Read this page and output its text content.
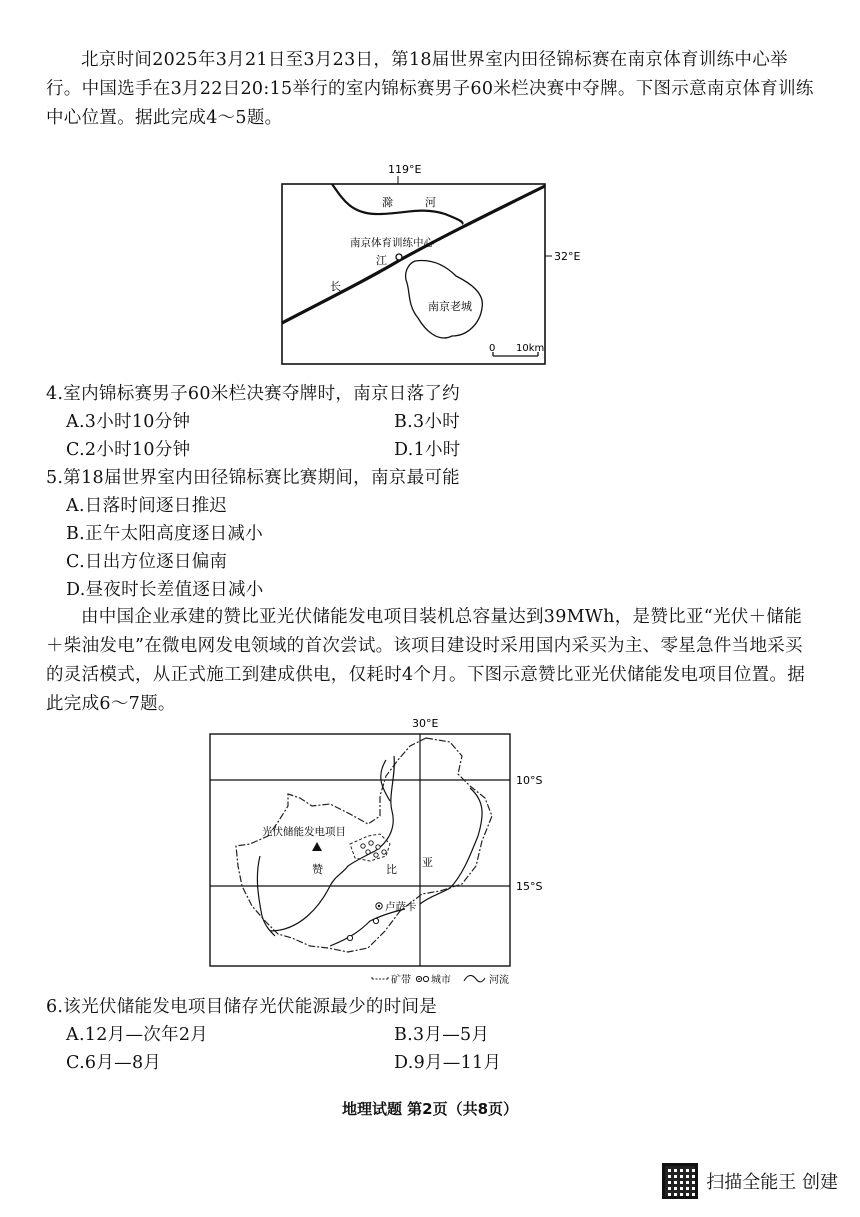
北京时间2025年3月21日至3月23日，第18届世界室内田径锦标赛在南京体育训练中心举行。中国选手在3月22日20:15举行的室内锦标赛男子60米栏决赛中夺牌。下图示意南京体育训练中心位置。据此完成4～5题。

119°E
32°E
滁	河
长
江
南京体育训练中心
南京老城
0 10km

4.室内锦标赛男子60米栏决赛夺牌时，南京日落了约

A.3小时10分钟	B.3小时
C.2小时10分钟	D.1小时

5.第18届世界室内田径锦标赛比赛期间，南京最可能

A.日落时间逐日推迟
B.正午太阳高度逐日减小
C.日出方位逐日偏南
D.昼夜时长差值逐日减小

由中国企业承建的赞比亚光伏储能发电项目装机总容量达到39MWh，是赞比亚“光伏＋储能＋柴油发电”在微电网发电领域的首次尝试。该项目建设时采用国内采买为主、零星急件当地采买的灵活模式，从正式施工到建成供电，仅耗时4个月。下图示意赞比亚光伏储能发电项目位置。据此完成6～7题。

30°E
10°S
15°S
光伏储能发电项目
赞	比
亚
卢萨卡
矿带 城市	河流

6.该光伏储能发电项目储存光伏能源最少的时间是

A.12月—次年2月	B.3月—5月
C.6月—8月	D.9月—11月
地理试题 第2页（共8页）
扫描全能王 创建
